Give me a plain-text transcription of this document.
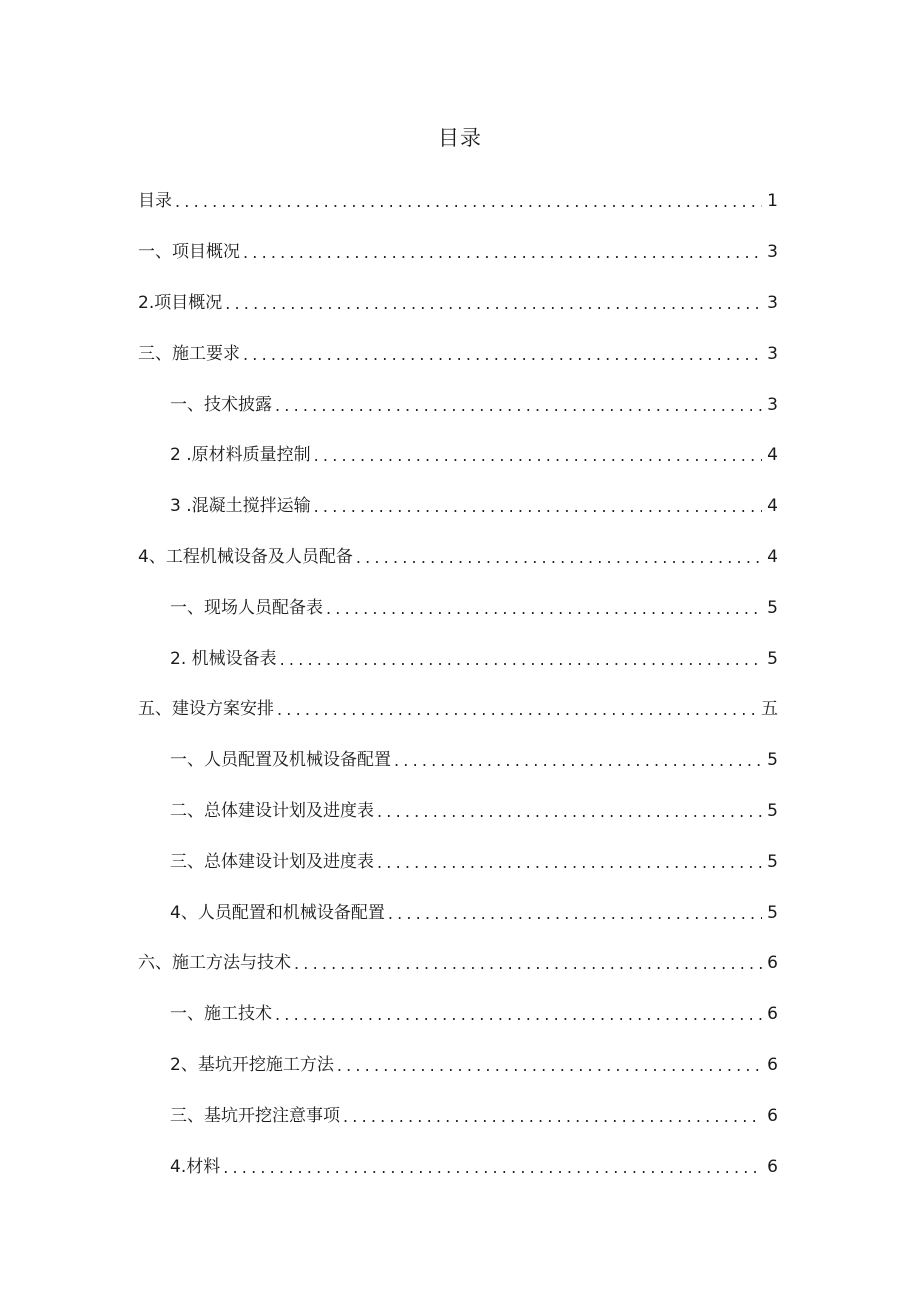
目录
目录 .....	1
一、项目概况 .....	3
2.项目概况 .....	3
三、施工要求 .....	3
一、技术披露 .....	3
2 .原材料质量控制 .....	4
3 .混凝土搅拌运输 .....	4
4、工程机械设备及人员配备 .....	4
一、现场人员配备表 .....	5
2. 机械设备表 .....	5
五、建设方案安排 .....	五
一、人员配置及机械设备配置 .....	5
二、总体建设计划及进度表 .....	5
三、总体建设计划及进度表 .....	5
4、人员配置和机械设备配置 .....	5
六、施工方法与技术 .....	6
一、施工技术 .....	6
2、基坑开挖施工方法 .....	6
三、基坑开挖注意事项 .....	6
4.材料 .....	6
